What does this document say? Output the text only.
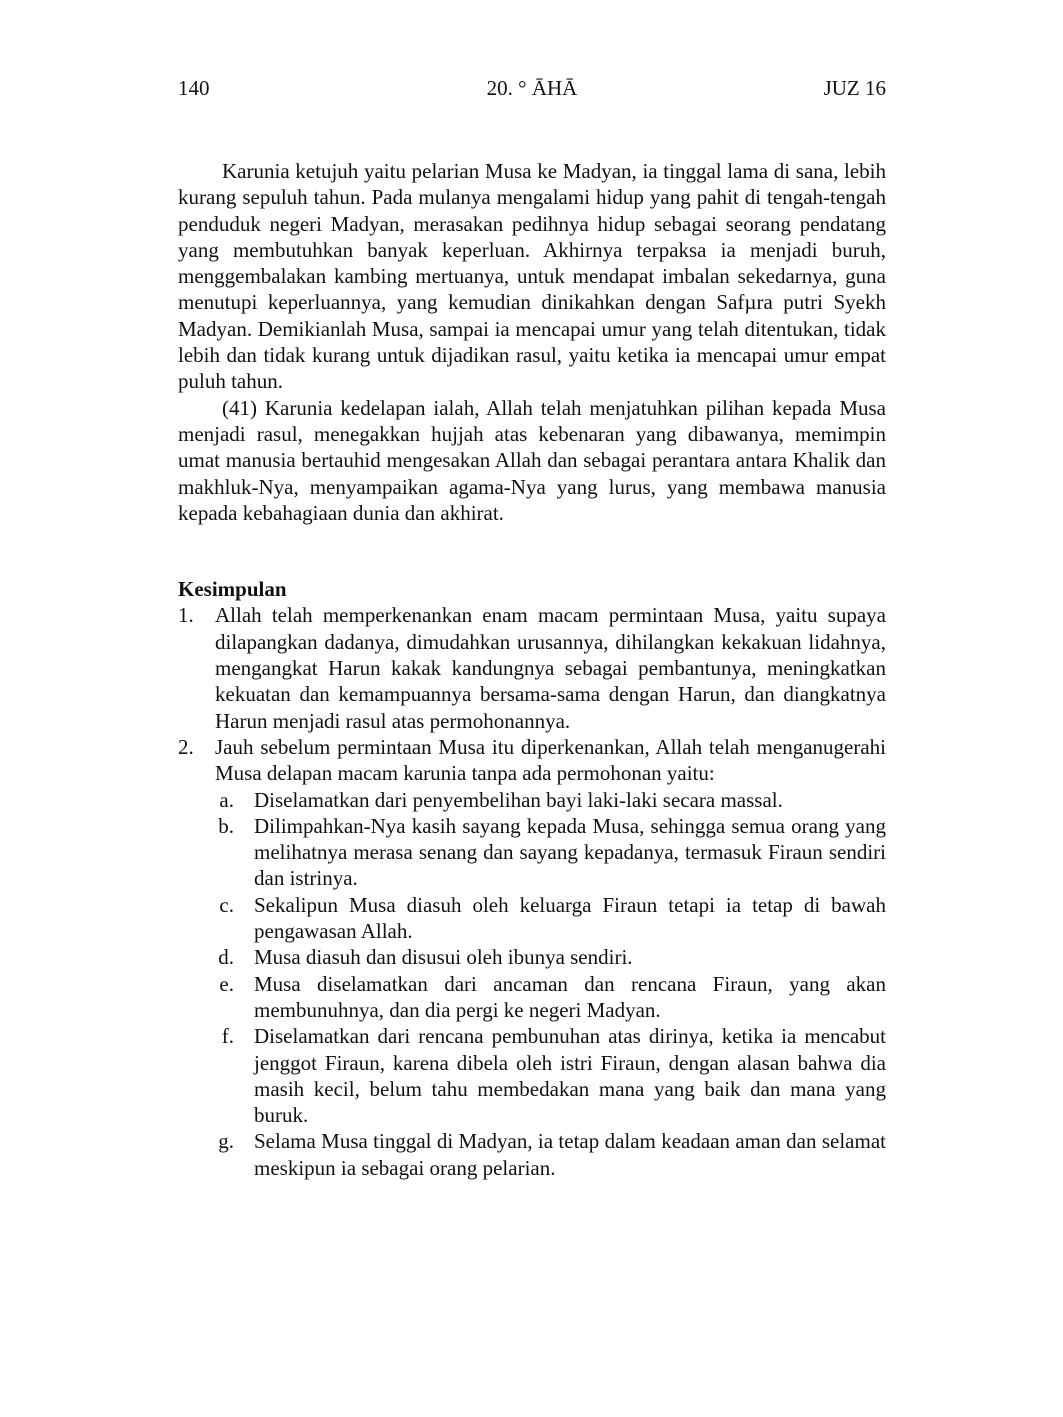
140	20. ° ĀHĀ	JUZ 16

Karunia ketujuh yaitu pelarian Musa ke Madyan, ia tinggal lama di sana, lebih kurang sepuluh tahun. Pada mulanya mengalami hidup yang pahit di tengah-tengah penduduk negeri Madyan, merasakan pedihnya hidup sebagai seorang pendatang yang membutuhkan banyak keperluan. Akhirnya terpaksa ia menjadi buruh, menggembalakan kambing mertuanya, untuk mendapat imbalan sekedarnya, guna menutupi keperluannya, yang kemudian dinikahkan dengan Safµra putri Syekh Madyan. Demikianlah Musa, sampai ia mencapai umur yang telah ditentukan, tidak lebih dan tidak kurang untuk dijadikan rasul, yaitu ketika ia mencapai umur empat puluh tahun.

(41) Karunia kedelapan ialah, Allah telah menjatuhkan pilihan kepada Musa menjadi rasul, menegakkan hujjah atas kebenaran yang dibawanya, memimpin umat manusia bertauhid mengesakan Allah dan sebagai perantara antara Khalik dan makhluk-Nya, menyampaikan agama-Nya yang lurus, yang membawa manusia kepada kebahagiaan dunia dan akhirat.

Kesimpulan
1. Allah telah memperkenankan enam macam permintaan Musa, yaitu supaya dilapangkan dadanya, dimudahkan urusannya, dihilangkan kekakuan lidahnya, mengangkat Harun kakak kandungnya sebagai pembantunya, meningkatkan kekuatan dan kemampuannya bersama-sama dengan Harun, dan diangkatnya Harun menjadi rasul atas permohonannya.
2. Jauh sebelum permintaan Musa itu diperkenankan, Allah telah menganugerahi Musa delapan macam karunia tanpa ada permohonan yaitu:
a. Diselamatkan dari penyembelihan bayi laki-laki secara massal.
b. Dilimpahkan-Nya kasih sayang kepada Musa, sehingga semua orang yang melihatnya merasa senang dan sayang kepadanya, termasuk Firaun sendiri dan istrinya.
c. Sekalipun Musa diasuh oleh keluarga Firaun tetapi ia tetap di bawah pengawasan Allah.
d. Musa diasuh dan disusui oleh ibunya sendiri.
e. Musa diselamatkan dari ancaman dan rencana Firaun, yang akan membunuhnya, dan dia pergi ke negeri Madyan.
f. Diselamatkan dari rencana pembunuhan atas dirinya, ketika ia mencabut jenggot Firaun, karena dibela oleh istri Firaun, dengan alasan bahwa dia masih kecil, belum tahu membedakan mana yang baik dan mana yang buruk.
g. Selama Musa tinggal di Madyan, ia tetap dalam keadaan aman dan selamat meskipun ia sebagai orang pelarian.
